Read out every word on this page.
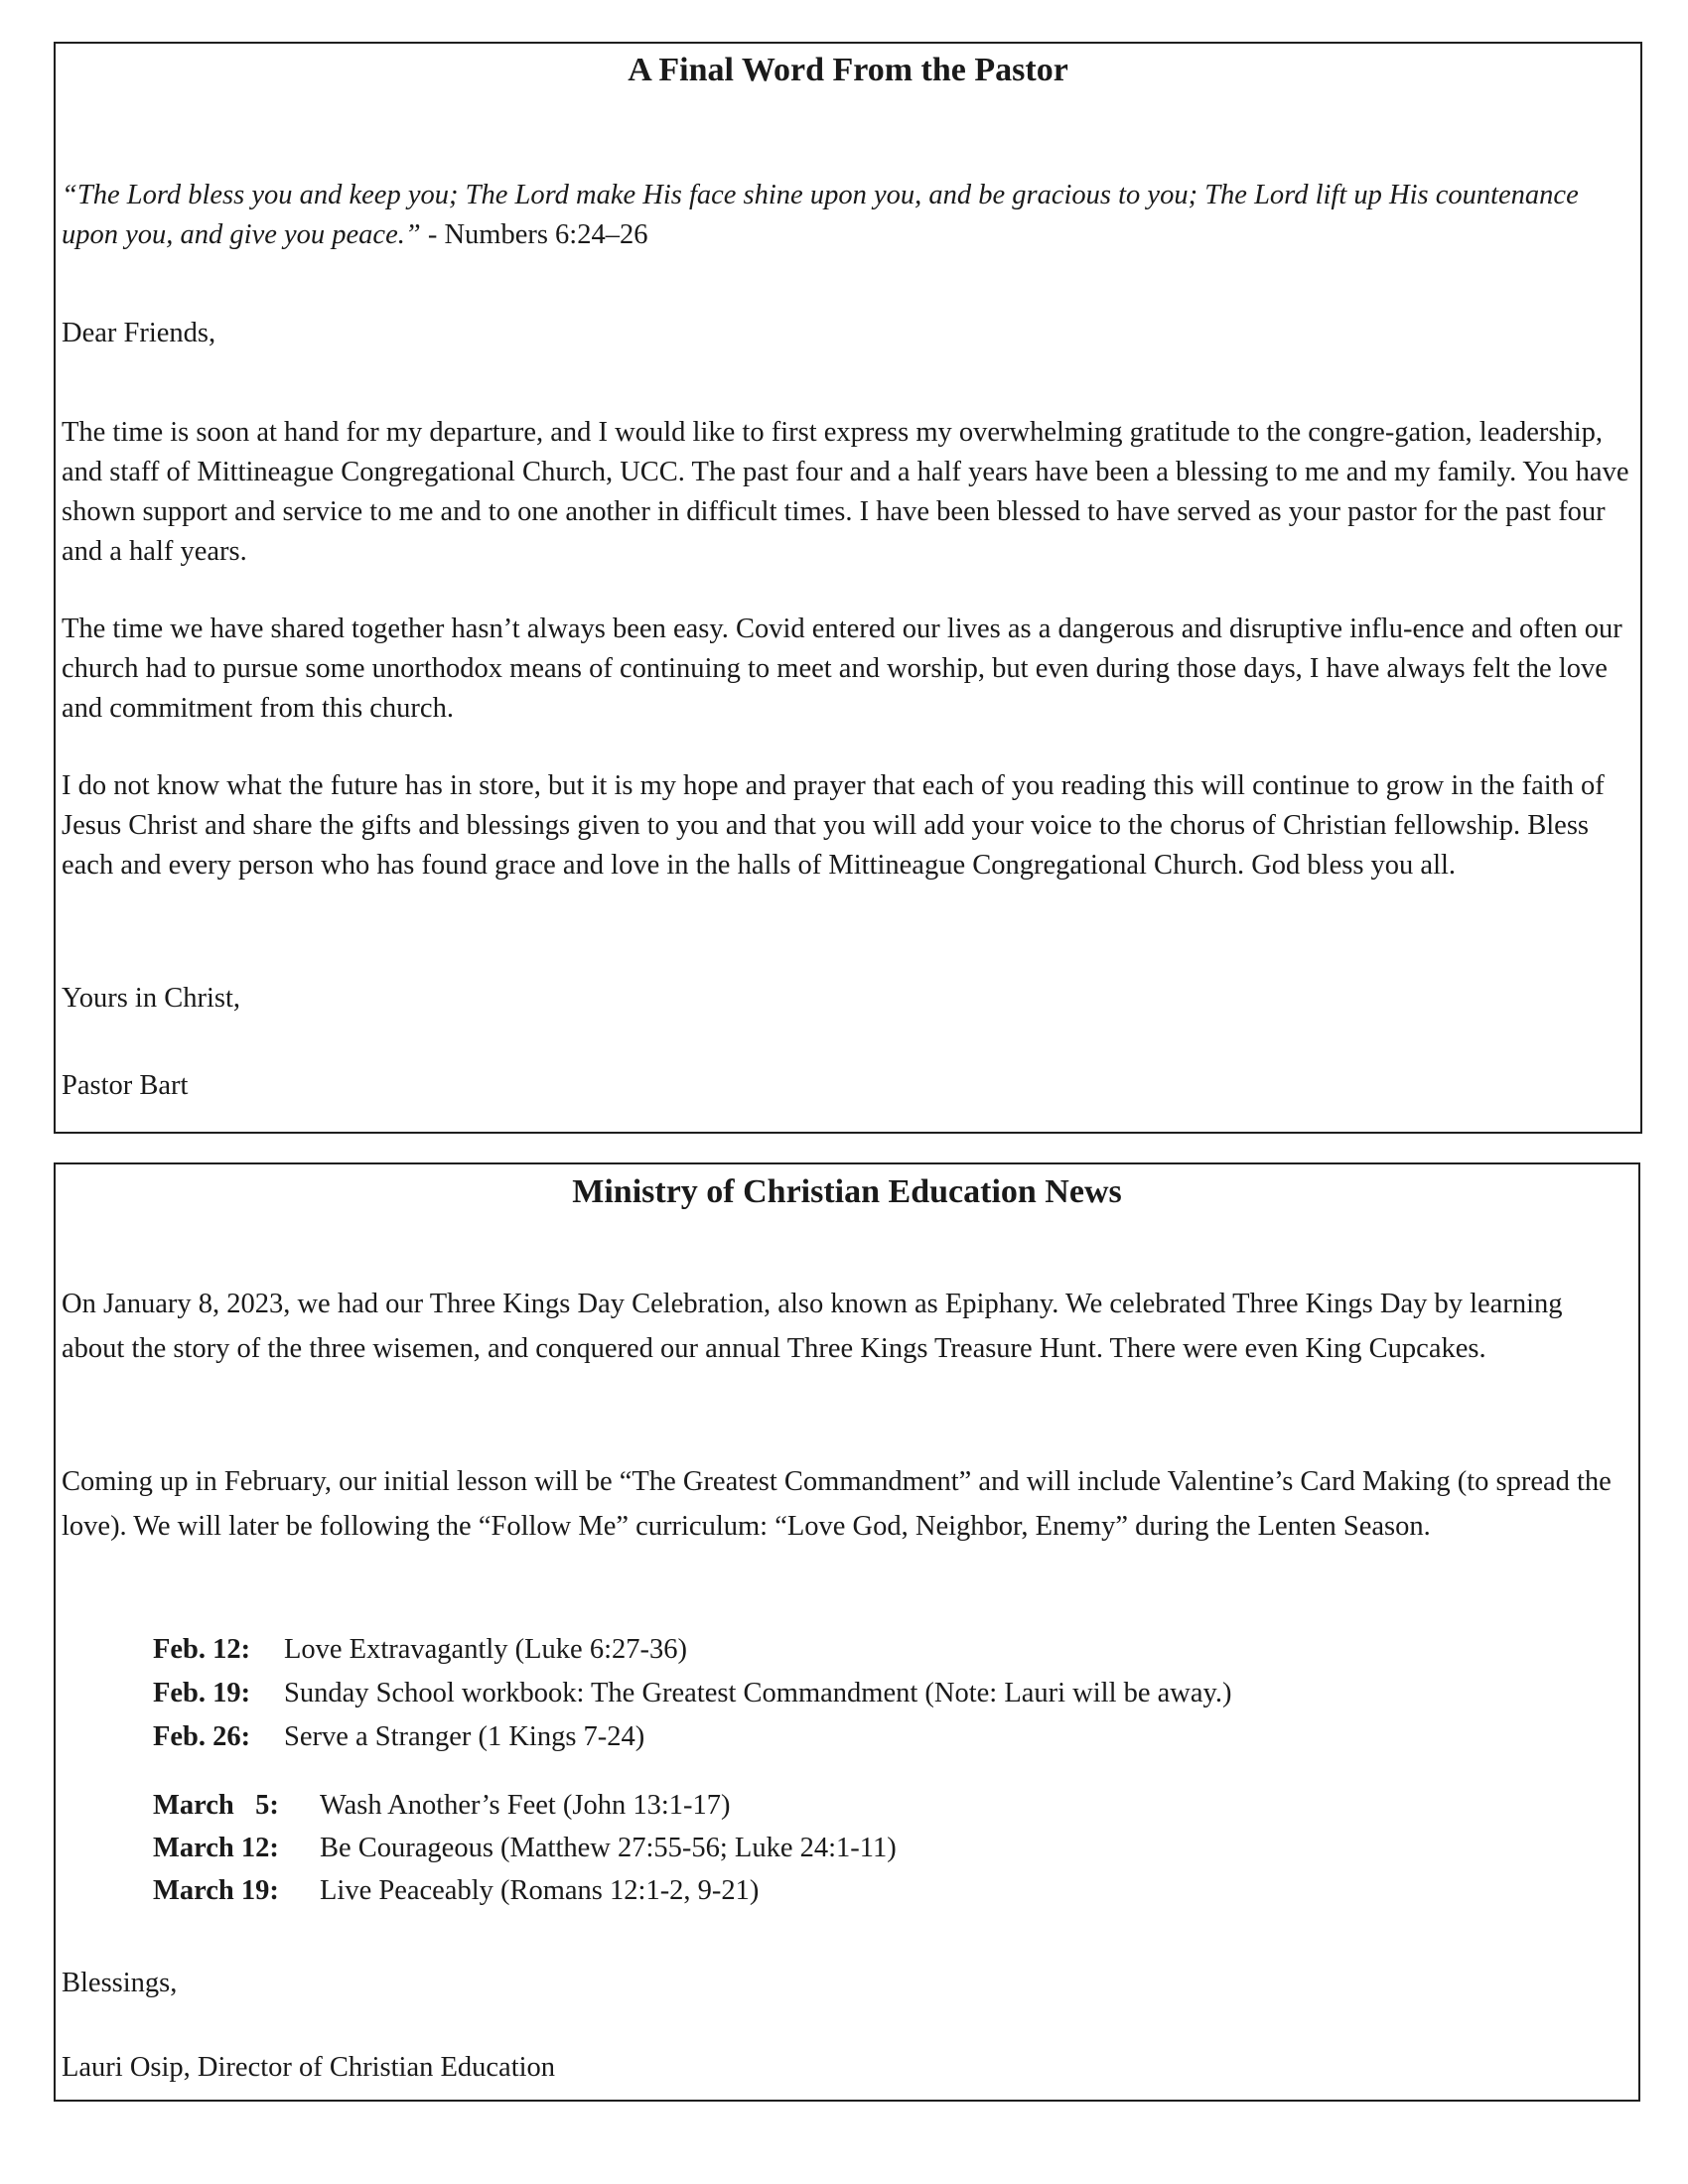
A Final Word From the Pastor

“The Lord bless you and keep you; The Lord make His face shine upon you, and be gracious to you; The Lord lift up His countenance upon you, and give you peace.” - Numbers 6:24–26

Dear Friends,

The time is soon at hand for my departure, and I would like to first express my overwhelming gratitude to the congre-gation, leadership, and staff of Mittineague Congregational Church, UCC. The past four and a half years have been a blessing to me and my family. You have shown support and service to me and to one another in difficult times. I have been blessed to have served as your pastor for the past four and a half years.

The time we have shared together hasn’t always been easy. Covid entered our lives as a dangerous and disruptive influ-ence and often our church had to pursue some unorthodox means of continuing to meet and worship, but even during those days, I have always felt the love and commitment from this church.

I do not know what the future has in store, but it is my hope and prayer that each of you reading this will continue to grow in the faith of Jesus Christ and share the gifts and blessings given to you and that you will add your voice to the chorus of Christian fellowship. Bless each and every person who has found grace and love in the halls of Mittineague Congregational Church. God bless you all.

Yours in Christ,

Pastor Bart

Ministry of Christian Education News

On January 8, 2023, we had our Three Kings Day Celebration, also known as Epiphany. We celebrated Three Kings Day by learning about the story of the three wisemen, and conquered our annual Three Kings Treasure Hunt. There were even King Cupcakes.

Coming up in February, our initial lesson will be “The Greatest Commandment” and will include Valentine’s Card Making (to spread the love). We will later be following the “Follow Me” curriculum: “Love God, Neighbor, Enemy” during the Lenten Season.

Feb. 12: Love Extravagantly (Luke 6:27-36)

Feb. 19: Sunday School workbook: The Greatest Commandment (Note: Lauri will be away.)

Feb. 26: Serve a Stranger (1 Kings 7-24)

March   5: Wash Another’s Feet (John 13:1-17)

March 12: Be Courageous (Matthew 27:55-56; Luke 24:1-11)

March 19: Live Peaceably (Romans 12:1-2, 9-21)

Blessings,

Lauri Osip, Director of Christian Education
